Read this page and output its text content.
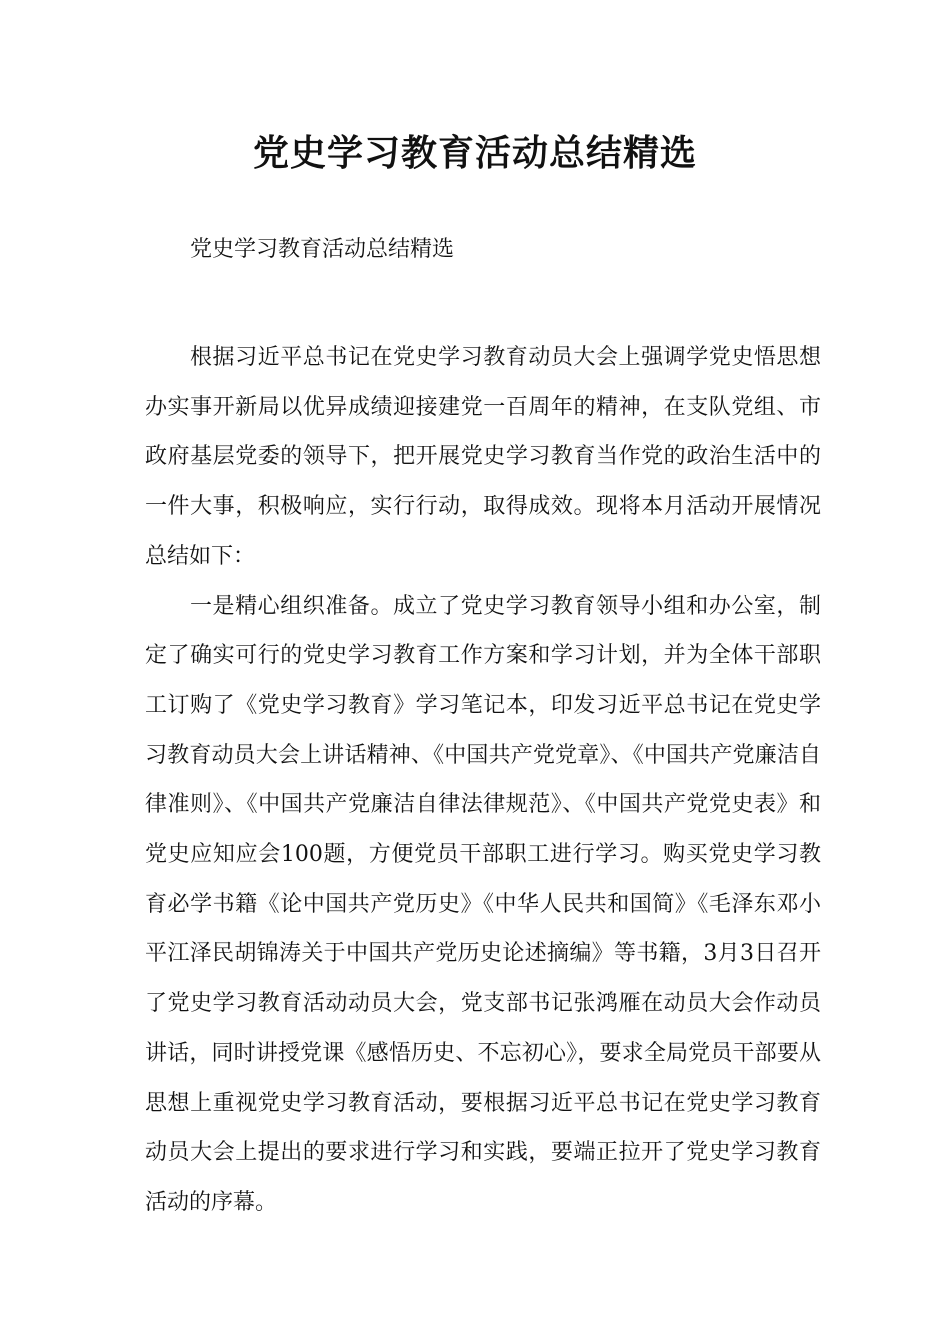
党史学习教育活动总结精选

党史学习教育活动总结精选

根据习近平总书记在党史学习教育动员大会上强调学党史悟思想办实事开新局以优异成绩迎接建党一百周年的精神，在支队党组、市政府基层党委的领导下，把开展党史学习教育当作党的政治生活中的一件大事，积极响应，实行行动，取得成效。现将本月活动开展情况总结如下：

一是精心组织准备。成立了党史学习教育领导小组和办公室，制定了确实可行的党史学习教育工作方案和学习计划，并为全体干部职工订购了《党史学习教育》学习笔记本，印发习近平总书记在党史学习教育动员大会上讲话精神、《中国共产党党章》、《中国共产党廉洁自律准则》、《中国共产党廉洁自律法律规范》、《中国共产党党史表》和党史应知应会100题，方便党员干部职工进行学习。购买党史学习教育必学书籍《论中国共产党历史》《中华人民共和国简》《毛泽东邓小平江泽民胡锦涛关于中国共产党历史论述摘编》等书籍，3月3日召开了党史学习教育活动动员大会，党支部书记张鸿雁在动员大会作动员讲话，同时讲授党课《感悟历史、不忘初心》，要求全局党员干部要从思想上重视党史学习教育活动，要根据习近平总书记在党史学习教育动员大会上提出的要求进行学习和实践，要端正拉开了党史学习教育活动的序幕。
